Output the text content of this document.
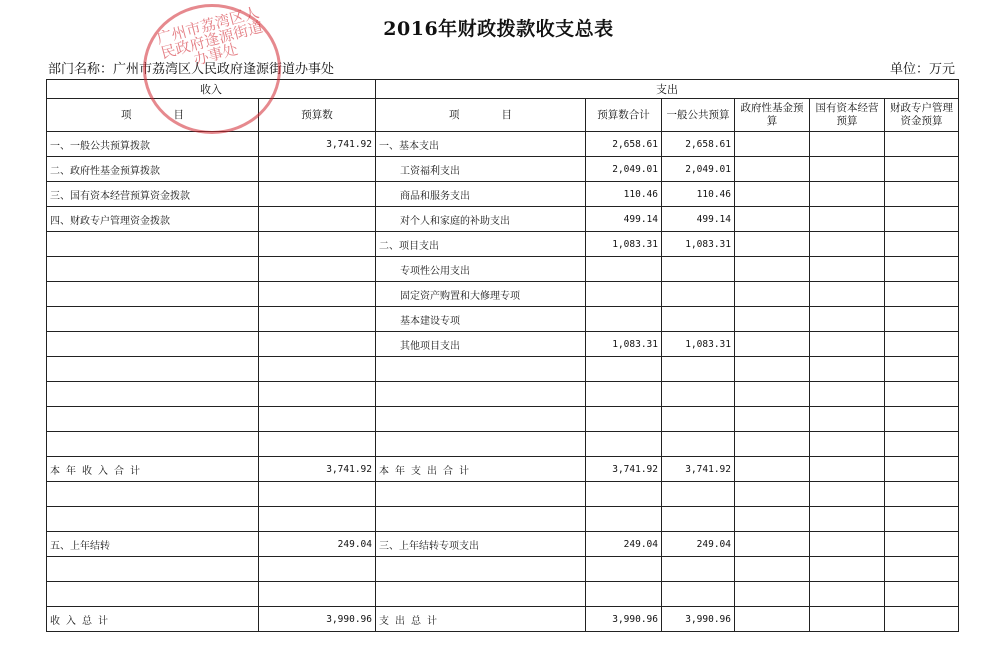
2016年财政拨款收支总表
部门名称：广州市荔湾区人民政府逢源街道办事处	单位：万元
收入		支出					
项　　　　目	预算数	项　　　　目	预算数合计	一般公共预算	政府性基金预算	国有资本经营预算	财政专户管理资金预算
一、一般公共预算拨款	3,741.92	一、基本支出	2,658.61	2,658.61			
二、政府性基金预算拨款		工资福利支出	2,049.01	2,049.01			
三、国有资本经营预算资金拨款		商品和服务支出	110.46	110.46			
四、财政专户管理资金拨款		对个人和家庭的补助支出	499.14	499.14			
		二、项目支出	1,083.31	1,083.31			
		专项性公用支出					
		固定资产购置和大修理专项					
		基本建设专项					
		其他项目支出	1,083.31	1,083.31			

本年收入合计	3,741.92	本年支出合计	3,741.92	3,741.92			

五、上年结转	249.04	三、上年结转专项支出	249.04	249.04			

收入总计	3,990.96	支出总计	3,990.96	3,990.96			
广州市荔湾区人民政府逢源街道办事处
